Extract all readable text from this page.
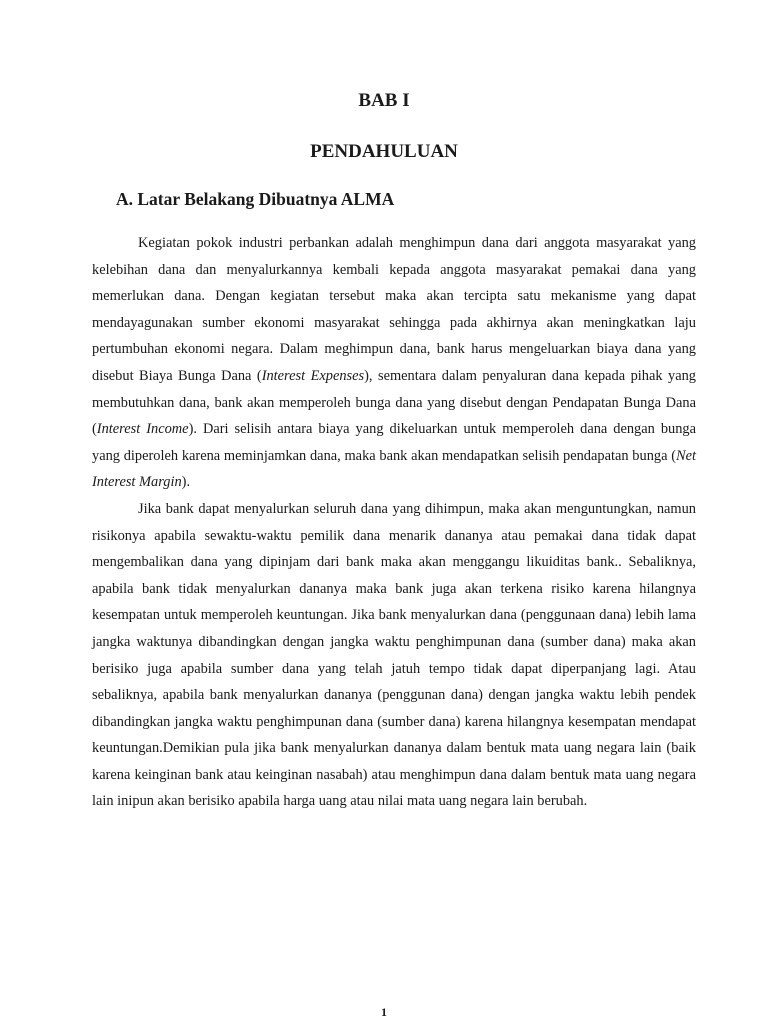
BAB I
PENDAHULUAN
A. Latar Belakang Dibuatnya ALMA

Kegiatan pokok industri perbankan adalah menghimpun dana dari anggota masyarakat yang kelebihan dana dan menyalurkannya kembali kepada anggota masyarakat pemakai dana yang memerlukan dana. Dengan kegiatan tersebut maka akan tercipta satu mekanisme yang dapat mendayagunakan sumber ekonomi masyarakat sehingga pada akhirnya akan meningkatkan laju pertumbuhan ekonomi negara. Dalam meghimpun dana, bank harus mengeluarkan biaya dana yang disebut Biaya Bunga Dana (Interest Expenses), sementara dalam penyaluran dana kepada pihak yang membutuhkan dana, bank akan memperoleh bunga dana yang disebut dengan Pendapatan Bunga Dana (Interest Income). Dari selisih antara biaya yang dikeluarkan untuk memperoleh dana dengan bunga yang diperoleh karena meminjamkan dana, maka bank akan mendapatkan selisih pendapatan bunga (Net Interest Margin).

Jika bank dapat menyalurkan seluruh dana yang dihimpun, maka akan menguntungkan, namun risikonya apabila sewaktu-waktu pemilik dana menarik dananya atau pemakai dana tidak dapat mengembalikan dana yang dipinjam dari bank maka akan menggangu likuiditas bank.. Sebaliknya, apabila bank tidak menyalurkan dananya maka bank juga akan terkena risiko karena hilangnya kesempatan untuk memperoleh keuntungan. Jika bank menyalurkan dana (penggunaan dana) lebih lama jangka waktunya dibandingkan dengan jangka waktu penghimpunan dana (sumber dana) maka akan berisiko juga apabila sumber dana yang telah jatuh tempo tidak dapat diperpanjang lagi. Atau sebaliknya, apabila bank menyalurkan dananya (penggunan dana) dengan jangka waktu lebih pendek dibandingkan jangka waktu penghimpunan dana (sumber dana) karena hilangnya kesempatan mendapat keuntungan.Demikian pula jika bank menyalurkan dananya dalam bentuk mata uang negara lain (baik karena keinginan bank atau keinginan nasabah) atau menghimpun dana dalam bentuk mata uang negara lain inipun akan berisiko apabila harga uang atau nilai mata uang negara lain berubah.

1
